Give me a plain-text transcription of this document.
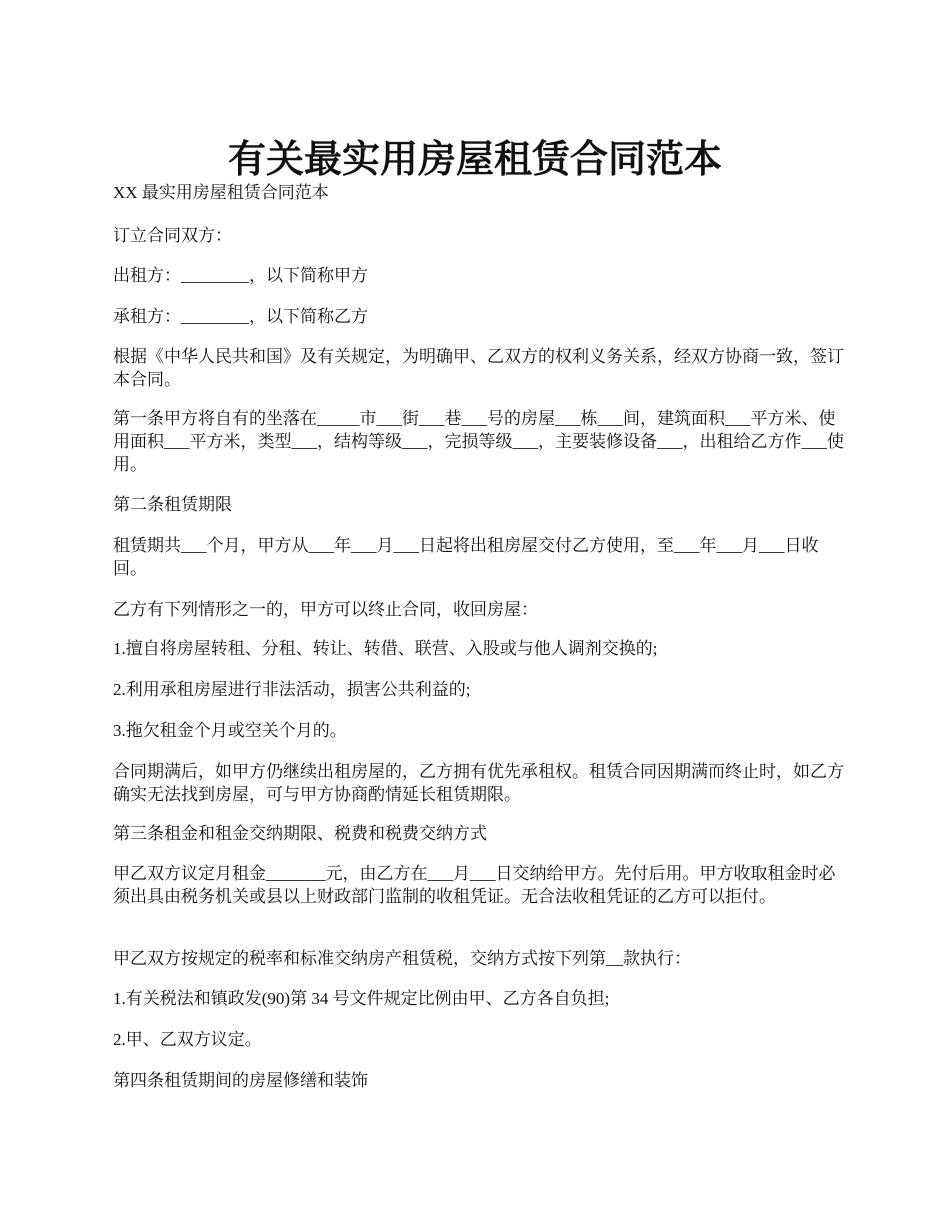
有关最实用房屋租赁合同范本
XX 最实用房屋租赁合同范本
订立合同双方：
出租方：________，以下简称甲方
承租方：________，以下简称乙方
根据《中华人民共和国》及有关规定，为明确甲、乙双方的权利义务关系，经双方协商一致，签订本合同。
第一条甲方将自有的坐落在_____市___街___巷___号的房屋___栋___间，建筑面积___平方米、使用面积___平方米，类型___，结构等级___，完损等级___，主要装修设备___，出租给乙方作___使用。
第二条租赁期限
租赁期共___个月，甲方从___年___月___日起将出租房屋交付乙方使用，至___年___月___日收回。
乙方有下列情形之一的，甲方可以终止合同，收回房屋：
1.擅自将房屋转租、分租、转让、转借、联营、入股或与他人调剂交换的;
2.利用承租房屋进行非法活动，损害公共利益的;
3.拖欠租金个月或空关个月的。
合同期满后，如甲方仍继续出租房屋的，乙方拥有优先承租权。租赁合同因期满而终止时，如乙方确实无法找到房屋，可与甲方协商酌情延长租赁期限。
第三条租金和租金交纳期限、税费和税费交纳方式
甲乙双方议定月租金_______元，由乙方在___月___日交纳给甲方。先付后用。甲方收取租金时必须出具由税务机关或县以上财政部门监制的收租凭证。无合法收租凭证的乙方可以拒付。
甲乙双方按规定的税率和标准交纳房产租赁税，交纳方式按下列第__款执行：
1.有关税法和镇政发(90)第 34 号文件规定比例由甲、乙方各自负担;
2.甲、乙双方议定。
第四条租赁期间的房屋修缮和装饰
